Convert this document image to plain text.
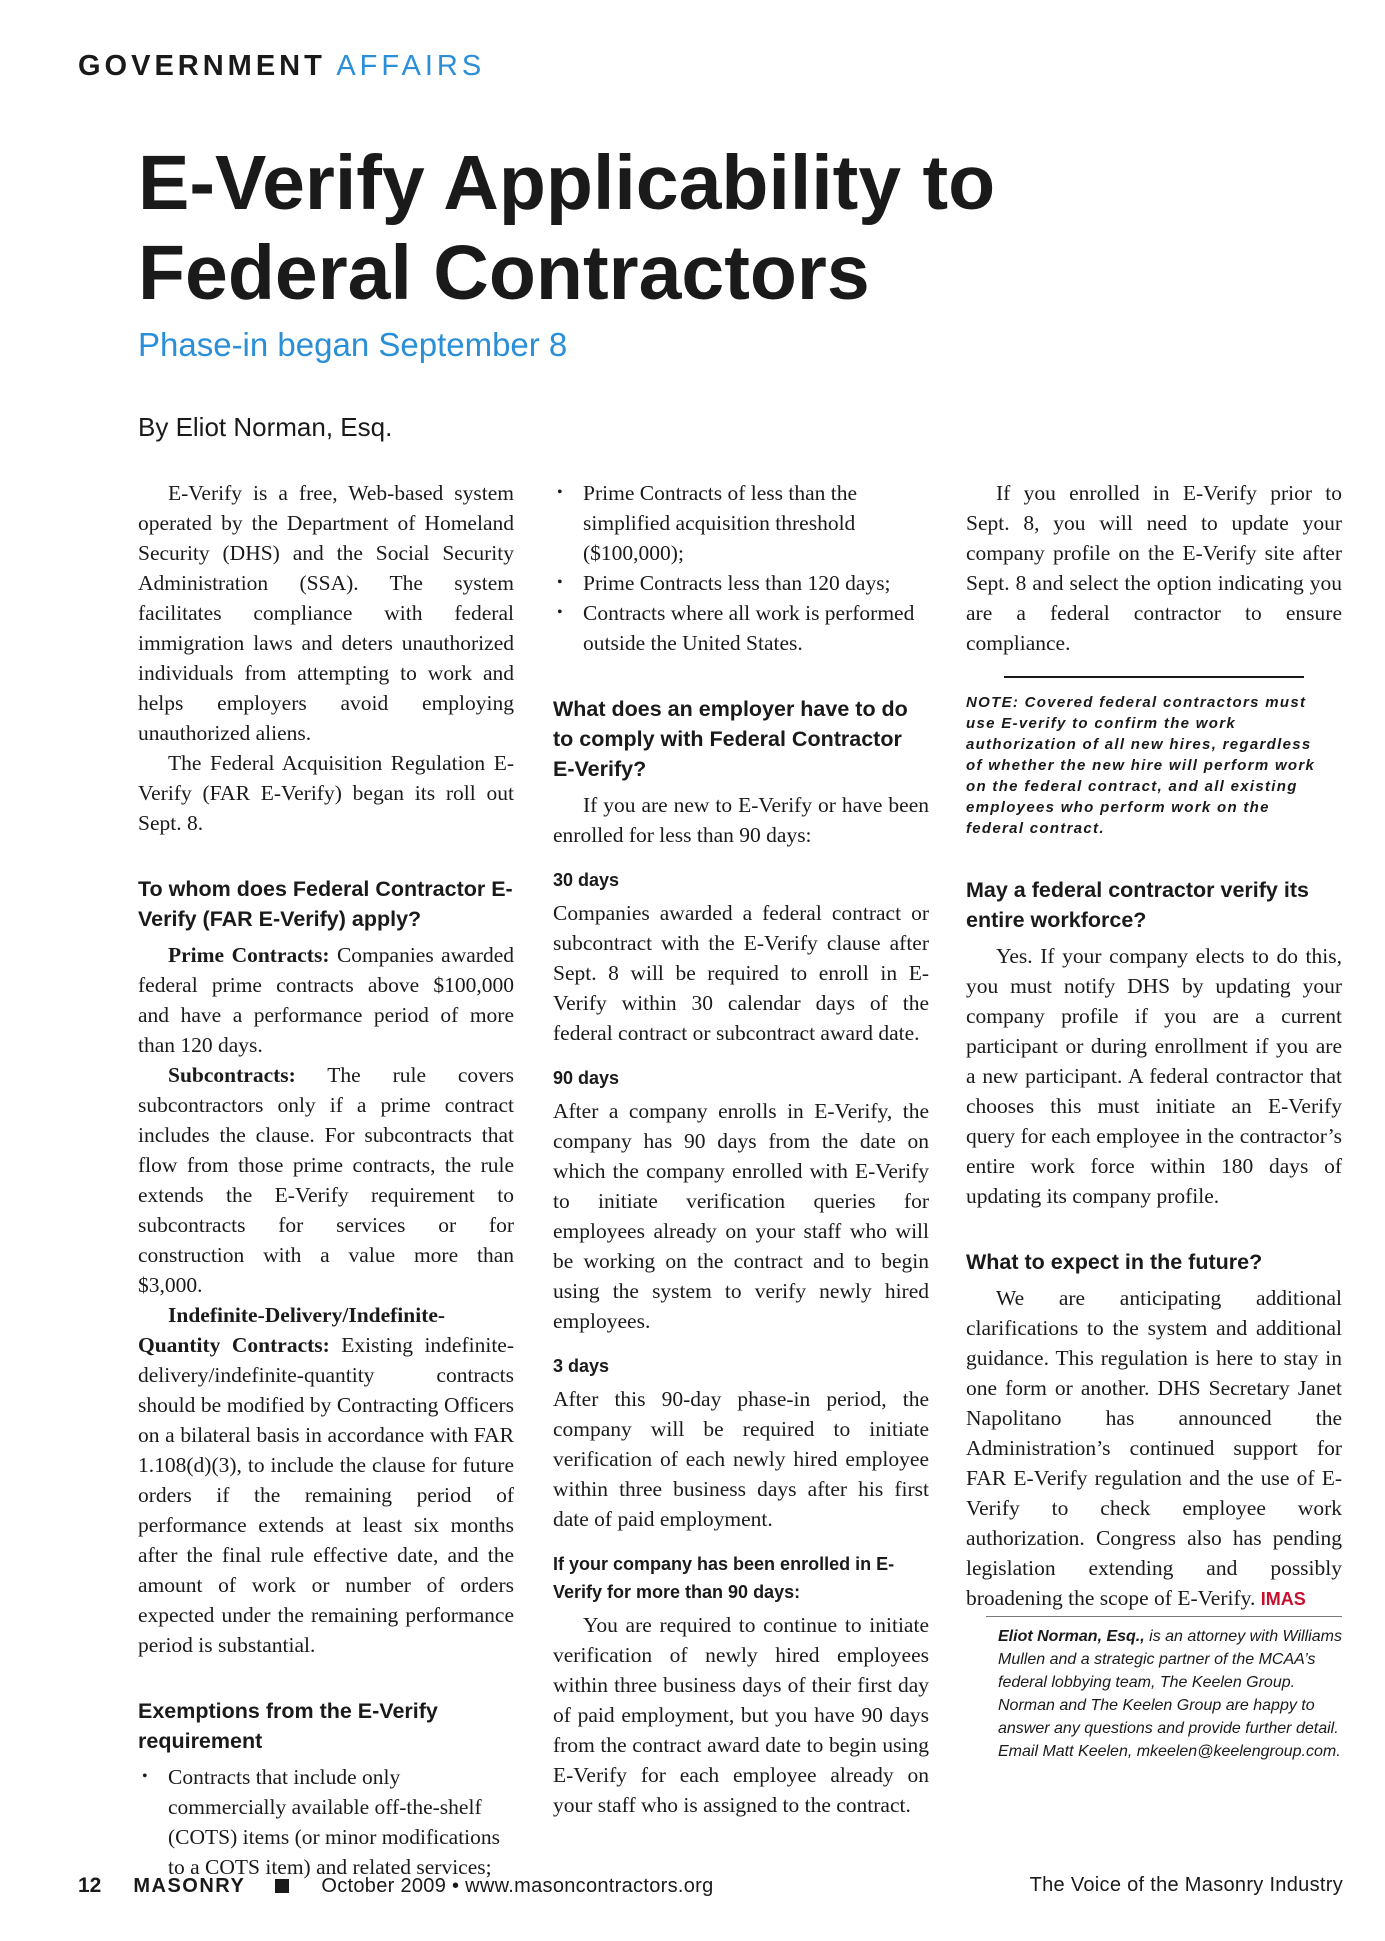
GOVERNMENT AFFAIRS
E-Verify Applicability to Federal Contractors
Phase-in began September 8
By Eliot Norman, Esq.

E-Verify is a free, Web-based system operated by the Department of Homeland Security (DHS) and the Social Security Administration (SSA). The system facilitates compliance with federal immigration laws and deters unauthorized individuals from attempting to work and helps employers avoid employing unauthorized aliens.

The Federal Acquisition Regulation E-Verify (FAR E-Verify) began its roll out Sept. 8.

To whom does Federal Contractor E-Verify (FAR E-Verify) apply?

Prime Contracts: Companies awarded federal prime contracts above $100,000 and have a performance period of more than 120 days.

Subcontracts: The rule covers subcontractors only if a prime contract includes the clause. For subcontracts that flow from those prime contracts, the rule extends the E-Verify requirement to subcontracts for services or for construction with a value more than $3,000.

Indefinite-Delivery/Indefinite-Quantity Contracts: Existing indefinite-delivery/indefinite-quantity contracts should be modified by Contracting Officers on a bilateral basis in accordance with FAR 1.108(d)(3), to include the clause for future orders if the remaining period of performance extends at least six months after the final rule effective date, and the amount of work or number of orders expected under the remaining performance period is substantial.

Exemptions from the E-Verify requirement
• Contracts that include only commercially available off-the-shelf (COTS) items (or minor modifications to a COTS item) and related services;
• Prime Contracts of less than the simplified acquisition threshold ($100,000);
• Prime Contracts less than 120 days;
• Contracts where all work is performed outside the United States.
What does an employer have to do to comply with Federal Contractor E-Verify?

If you are new to E-Verify or have been enrolled for less than 90 days:

30 days

Companies awarded a federal contract or subcontract with the E-Verify clause after Sept. 8 will be required to enroll in E-Verify within 30 calendar days of the federal contract or subcontract award date.

90 days

After a company enrolls in E-Verify, the company has 90 days from the date on which the company enrolled with E-Verify to initiate verification queries for employees already on your staff who will be working on the contract and to begin using the system to verify newly hired employees.

3 days

After this 90-day phase-in period, the company will be required to initiate verification of each newly hired employee within three business days after his first date of paid employment.

If your company has been enrolled in E-Verify for more than 90 days:

You are required to continue to initiate verification of newly hired employees within three business days of their first day of paid employment, but you have 90 days from the contract award date to begin using E-Verify for each employee already on your staff who is assigned to the contract.

If you enrolled in E-Verify prior to Sept. 8, you will need to update your company profile on the E-Verify site after Sept. 8 and select the option indicating you are a federal contractor to ensure compliance.

NOTE: Covered federal contractors must use E-verify to confirm the work authorization of all new hires, regardless of whether the new hire will perform work on the federal contract, and all existing employees who perform work on the federal contract.

May a federal contractor verify its entire workforce?

Yes. If your company elects to do this, you must notify DHS by updating your company profile if you are a current participant or during enrollment if you are a new participant. A federal contractor that chooses this must initiate an E-Verify query for each employee in the contractor’s entire work force within 180 days of updating its company profile.

What to expect in the future?

We are anticipating additional clarifications to the system and additional guidance. This regulation is here to stay in one form or another. DHS Secretary Janet Napolitano has announced the Administration’s continued support for FAR E-Verify regulation and the use of E-Verify to check employee work authorization. Congress also has pending legislation extending and possibly broadening the scope of E-Verify. IMAS

Eliot Norman, Esq., is an attorney with Williams Mullen and a strategic partner of the MCAA’s federal lobbying team, The Keelen Group. Norman and The Keelen Group are happy to answer any questions and provide further detail. Email Matt Keelen, mkeelen@keelengroup.com.

12 MASONRY	October 2009 • www.masoncontractors.org	The Voice of the Masonry Industry
